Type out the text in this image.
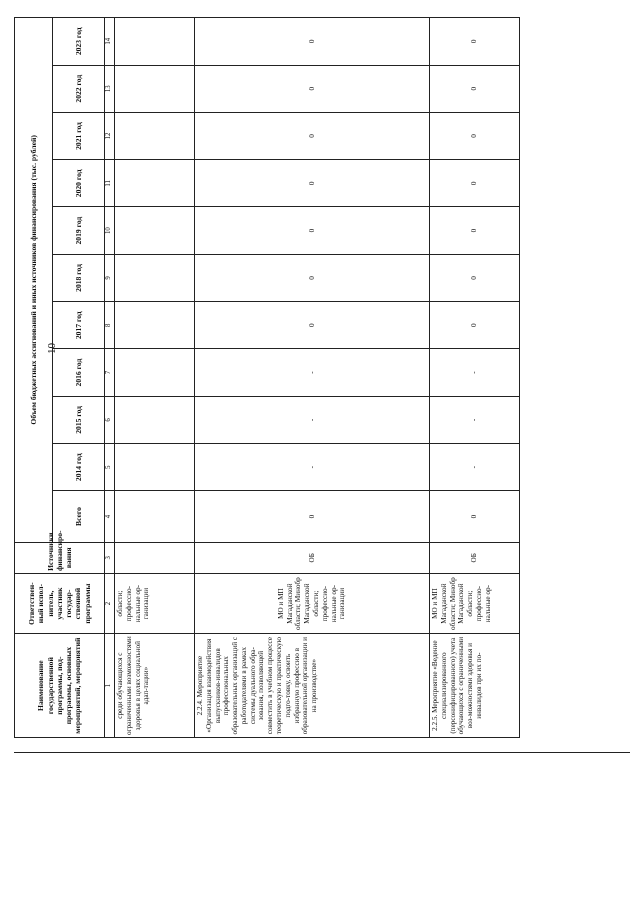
10
Наименование государственной программы, под-программы, основных мероприятий, мероприятий	Ответствен-ный испол-нитель, участник государ-ственной программы	Источники финансиро-вания	Объем бюджетных ассигнований и иных источников финансирования (тыс. рублей)										
			Всего	2014 год	2015 год	2016 год	2017 год	2018 год	2019 год	2020 год	2021 год	2022 год	2023 год
1	2	3	4	5	6	7	8	9	10	11	12	13	14
среди обучающихся с ограниченными возможностями здоровья в целях социальной адап-тации»	области; профессио-нальные ор-ганизации												
2.2.4. Мероприятие «Организация взаимодействия выпускников-инвалидов профессиональных образовательных организаций с работодателями в рамках системы дуального обра-зования, позволяющей совместить в учебном процессе теоретическую и практическую подго-товку, освоить избранную профессию в образовательной организации и на производстве»	МО и МП Магаданской области; Минобр Магаданской области; профессио-нальные ор-ганизации	ОБ	0	-	-	-	0	0	0	0	0	0	0
2.2.5. Мероприятие «Ведение специализированного (персонифицированного) учета обучающихся с ограниченными воз-можностями здоровья и инвалидов при их по-	МО и МП Магаданской области; Минобр Магаданской области; профессио-нальные ор-	ОБ	0	-	-	-	0	0	0	0	0	0	0
